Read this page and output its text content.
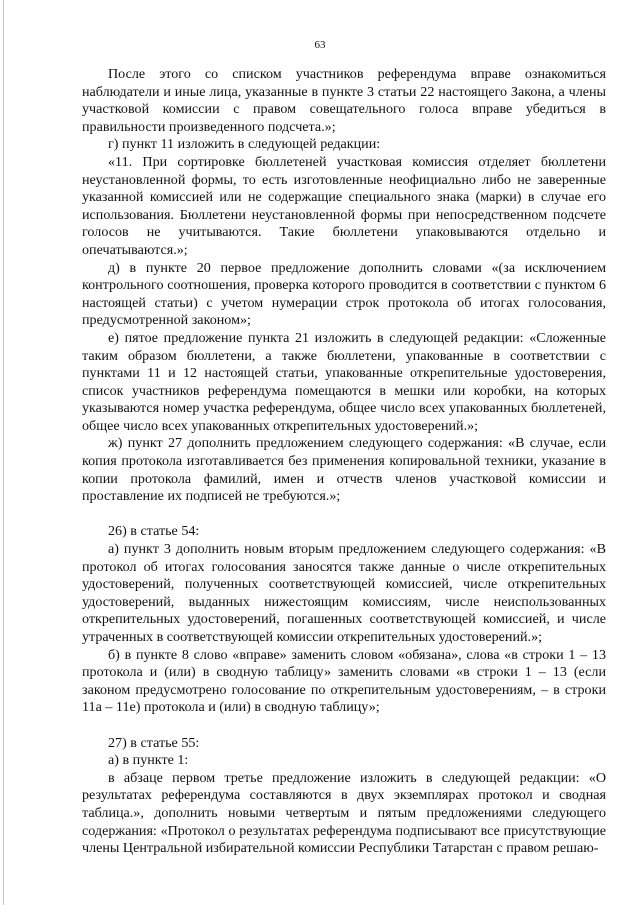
63

После этого со списком участников референдума вправе ознакомиться наблюдатели и иные лица, указанные в пункте 3 статьи 22 настоящего Закона, а члены участковой комиссии с правом совещательного голоса вправе убедиться в правильности произведенного подсчета.»;

г) пункт 11 изложить в следующей редакции:

«11. При сортировке бюллетеней участковая комиссия отделяет бюллетени неустановленной формы, то есть изготовленные неофициально либо не заверенные указанной комиссией или не содержащие специального знака (марки) в случае его использования. Бюллетени неустановленной формы при непосредственном подсчете голосов не учитываются. Такие бюллетени упаковываются отдельно и опечатываются.»;

д) в пункте 20 первое предложение дополнить словами «(за исключением контрольного соотношения, проверка которого проводится в соответствии с пунктом 6 настоящей статьи) с учетом нумерации строк протокола об итогах голосования, предусмотренной законом»;

е) пятое предложение пункта 21 изложить в следующей редакции: «Сложенные таким образом бюллетени, а также бюллетени, упакованные в соответствии с пунктами 11 и 12 настоящей статьи, упакованные открепительные удостоверения, список участников референдума помещаются в мешки или коробки, на которых указываются номер участка референдума, общее число всех упакованных бюллетеней, общее число всех упакованных открепительных удостоверений.»;

ж) пункт 27 дополнить предложением следующего содержания: «В случае, если копия протокола изготавливается без применения копировальной техники, указание в копии протокола фамилий, имен и отчеств членов участковой комиссии и проставление их подписей не требуются.»;

26) в статье 54:

а) пункт 3 дополнить новым вторым предложением следующего содержания: «В протокол об итогах голосования заносятся также данные о числе открепительных удостоверений, полученных соответствующей комиссией, числе открепительных удостоверений, выданных нижестоящим комиссиям, числе неиспользованных открепительных удостоверений, погашенных соответствующей комиссией, и числе утраченных в соответствующей комиссии открепительных удостоверений.»;

б) в пункте 8 слово «вправе» заменить словом «обязана», слова «в строки 1 – 13 протокола и (или) в сводную таблицу» заменить словами «в строки 1 – 13 (если законом предусмотрено голосование по открепительным удостоверениям, – в строки 11а – 11е) протокола и (или) в сводную таблицу»;

27) в статье 55:

а) в пункте 1:

в абзаце первом третье предложение изложить в следующей редакции: «О результатах референдума составляются в двух экземплярах протокол и сводная таблица.», дополнить новыми четвертым и пятым предложениями следующего содержания: «Протокол о результатах референдума подписывают все присутствующие члены Центральной избирательной комиссии Республики Татарстан с правом решаю-
